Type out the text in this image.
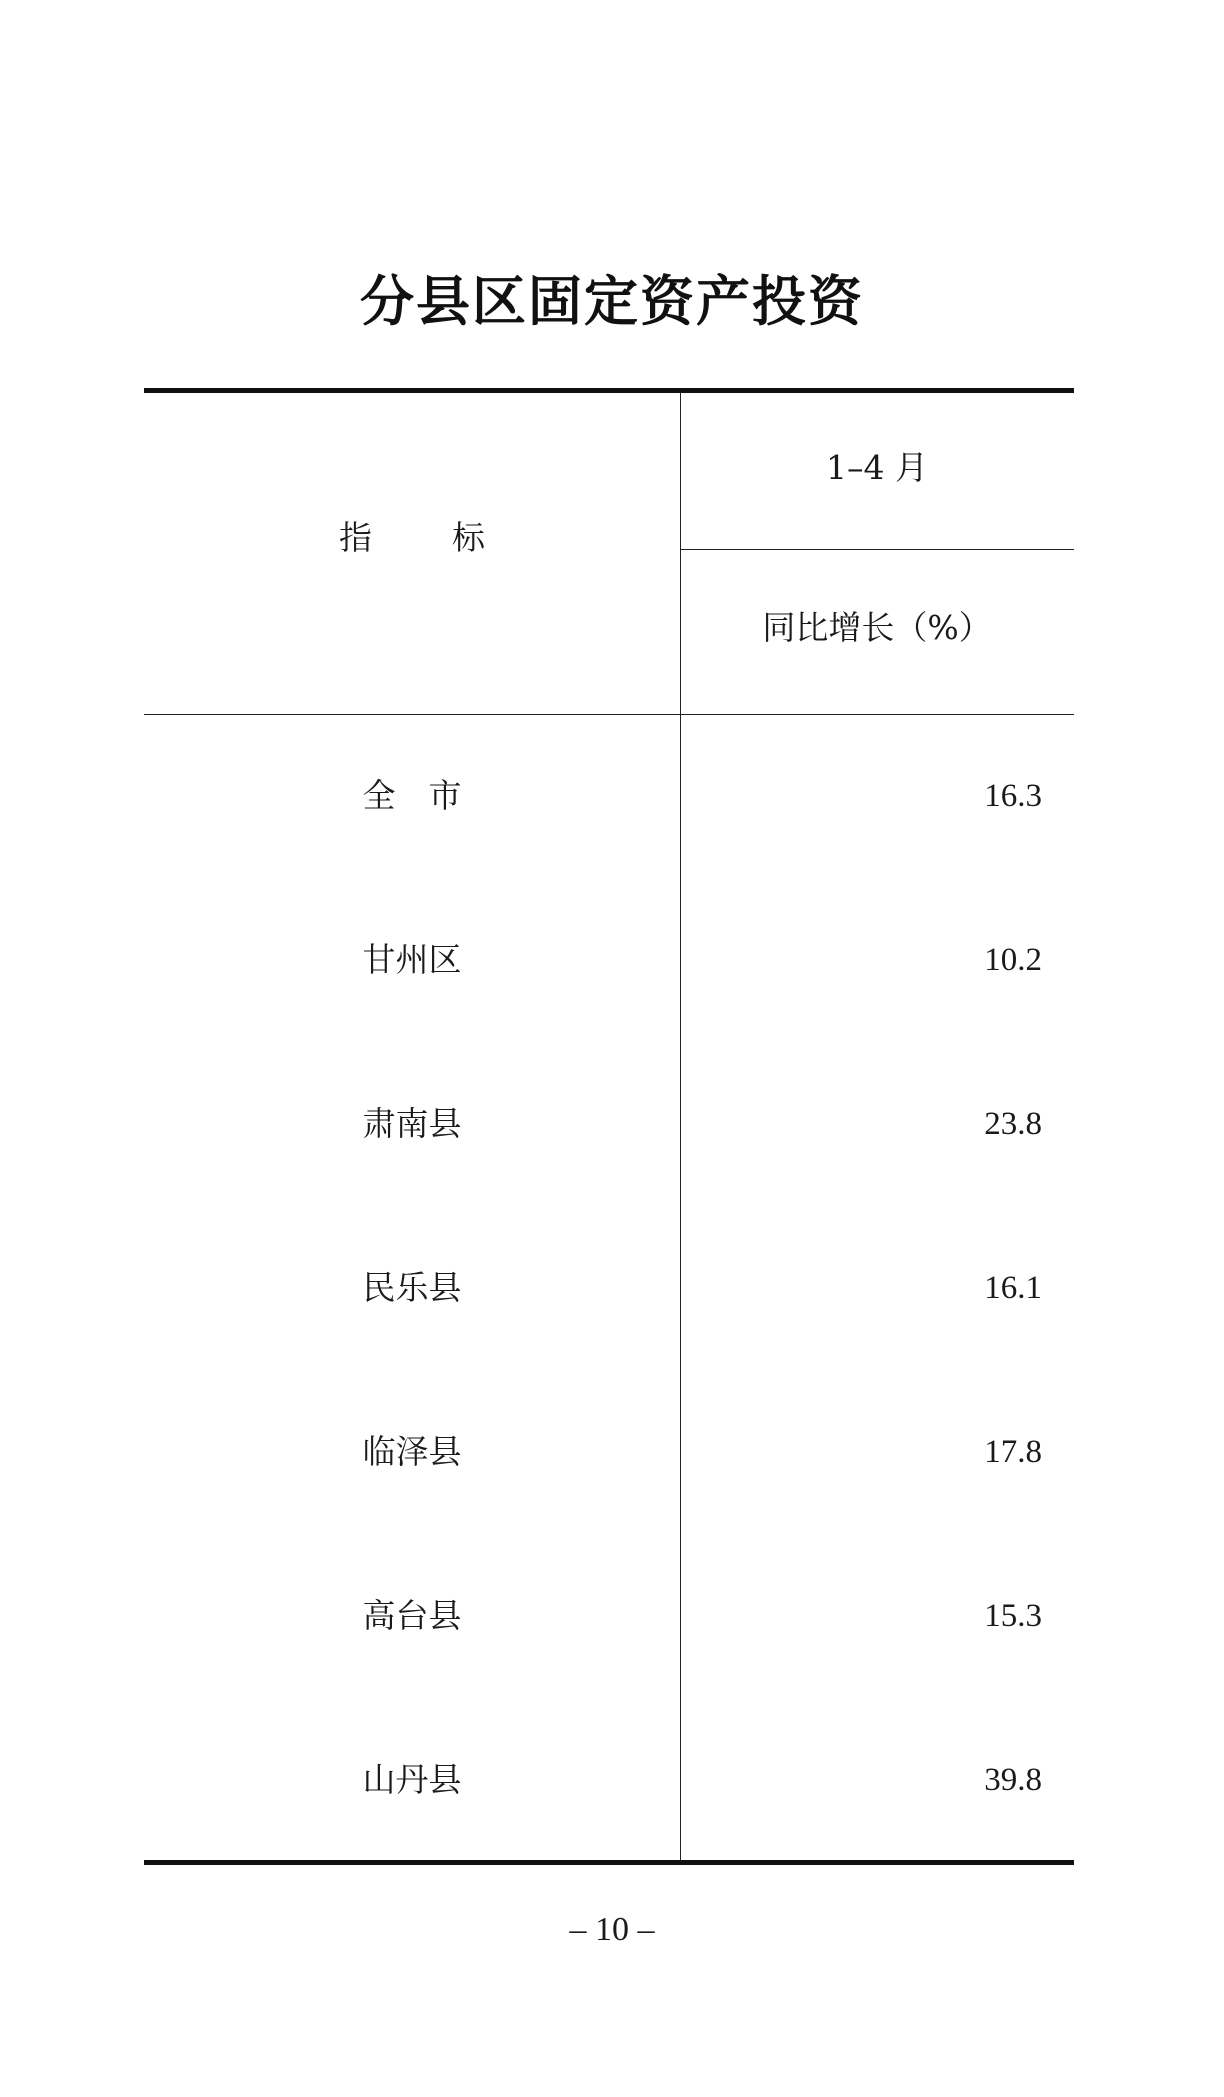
分县区固定资产投资
指 标
1–4 月
同比增长（%）
全　市	16.3
甘州区	10.2
肃南县	23.8
民乐县	16.1
临泽县	17.8
高台县	15.3
山丹县	39.8
– 10 –
